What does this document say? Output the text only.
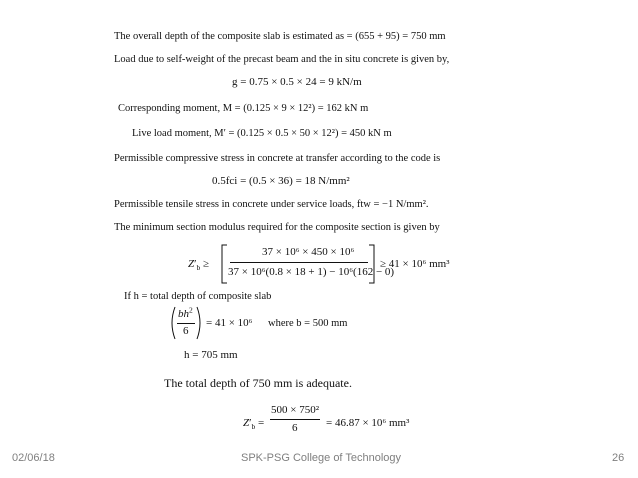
The overall depth of the composite slab is estimated as = (655 + 95) = 750 mm
Load due to self-weight of the precast beam and the in situ concrete is given by,
g = 0.75 × 0.5 × 24 = 9 kN/m
Corresponding moment, M = (0.125 × 9 × 12²) = 162 kN m
Live load moment, M′ = (0.125 × 0.5 × 50 × 12²) = 450 kN m
Permissible compressive stress in concrete at transfer according to the code is
0.5fci = (0.5 × 36) = 18 N/mm²
Permissible tensile stress in concrete under service loads, ftw = −1 N/mm².
The minimum section modulus required for the composite section is given by
$Z'_b$ ≥
37 × 10⁶ × 450 × 10⁶
37 × 10⁶(0.8 × 18 + 1) − 10⁶(162 − 0)
≥ 41 × 10⁶ mm³
If h = total depth of composite slab
$bh^2$
6
= 41 × 10⁶ where b = 500 mm
h = 705 mm
The total depth of 750 mm is adequate.
$Z'_b$ =
500 × 750²
6	= 46.87 × 10⁶ mm³
02/06/18	SPK-PSG College of Technology	26
